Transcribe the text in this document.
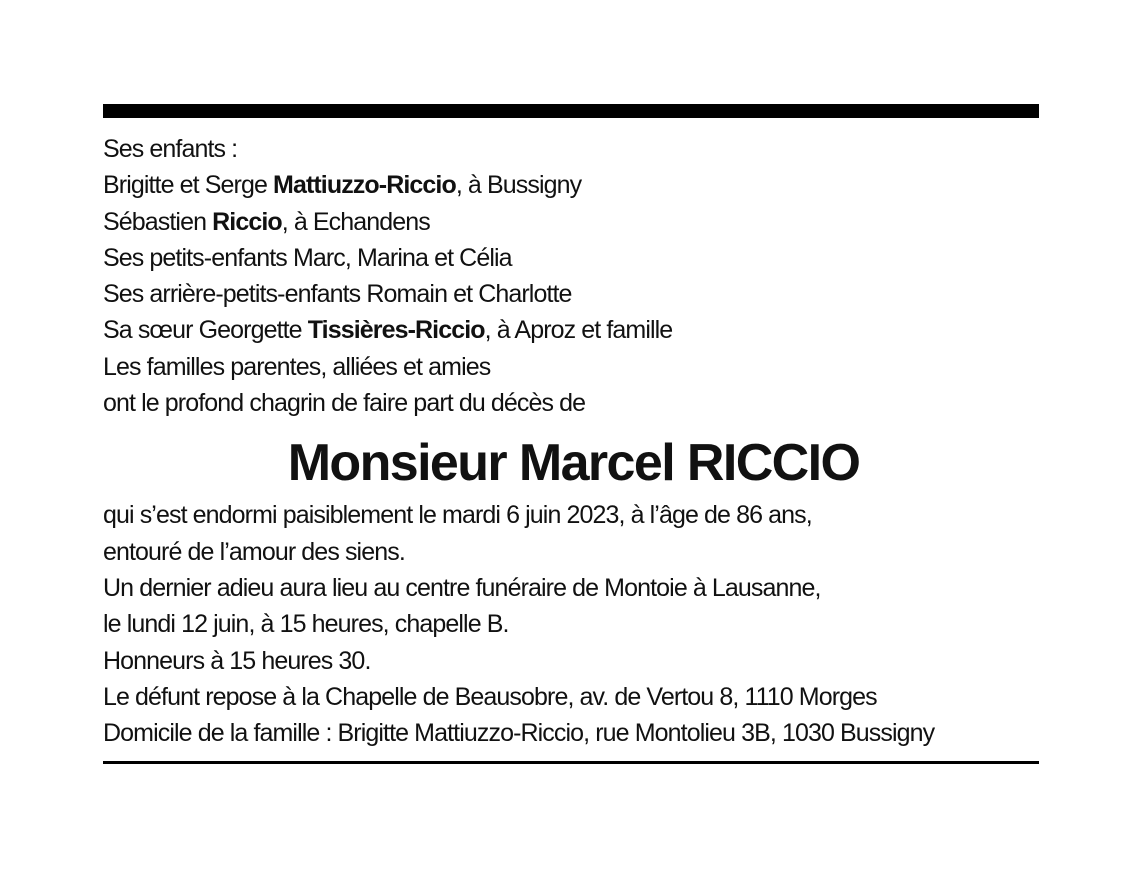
Ses enfants :
Brigitte et Serge Mattiuzzo-Riccio, à Bussigny
Sébastien Riccio, à Echandens
Ses petits-enfants Marc, Marina et Célia
Ses arrière-petits-enfants Romain et Charlotte
Sa sœur Georgette Tissières-Riccio, à Aproz et famille
Les familles parentes, alliées et amies
ont le profond chagrin de faire part du décès de
Monsieur Marcel RICCIO
qui s’est endormi paisiblement le mardi 6 juin 2023, à l’âge de 86 ans,
entouré de l’amour des siens.
Un dernier adieu aura lieu au centre funéraire de Montoie à Lausanne,
le lundi 12 juin, à 15 heures, chapelle B.
Honneurs à 15 heures 30.
Le défunt repose à la Chapelle de Beausobre, av. de Vertou 8, 1110 Morges
Domicile de la famille : Brigitte Mattiuzzo-Riccio, rue Montolieu 3B, 1030 Bussigny
